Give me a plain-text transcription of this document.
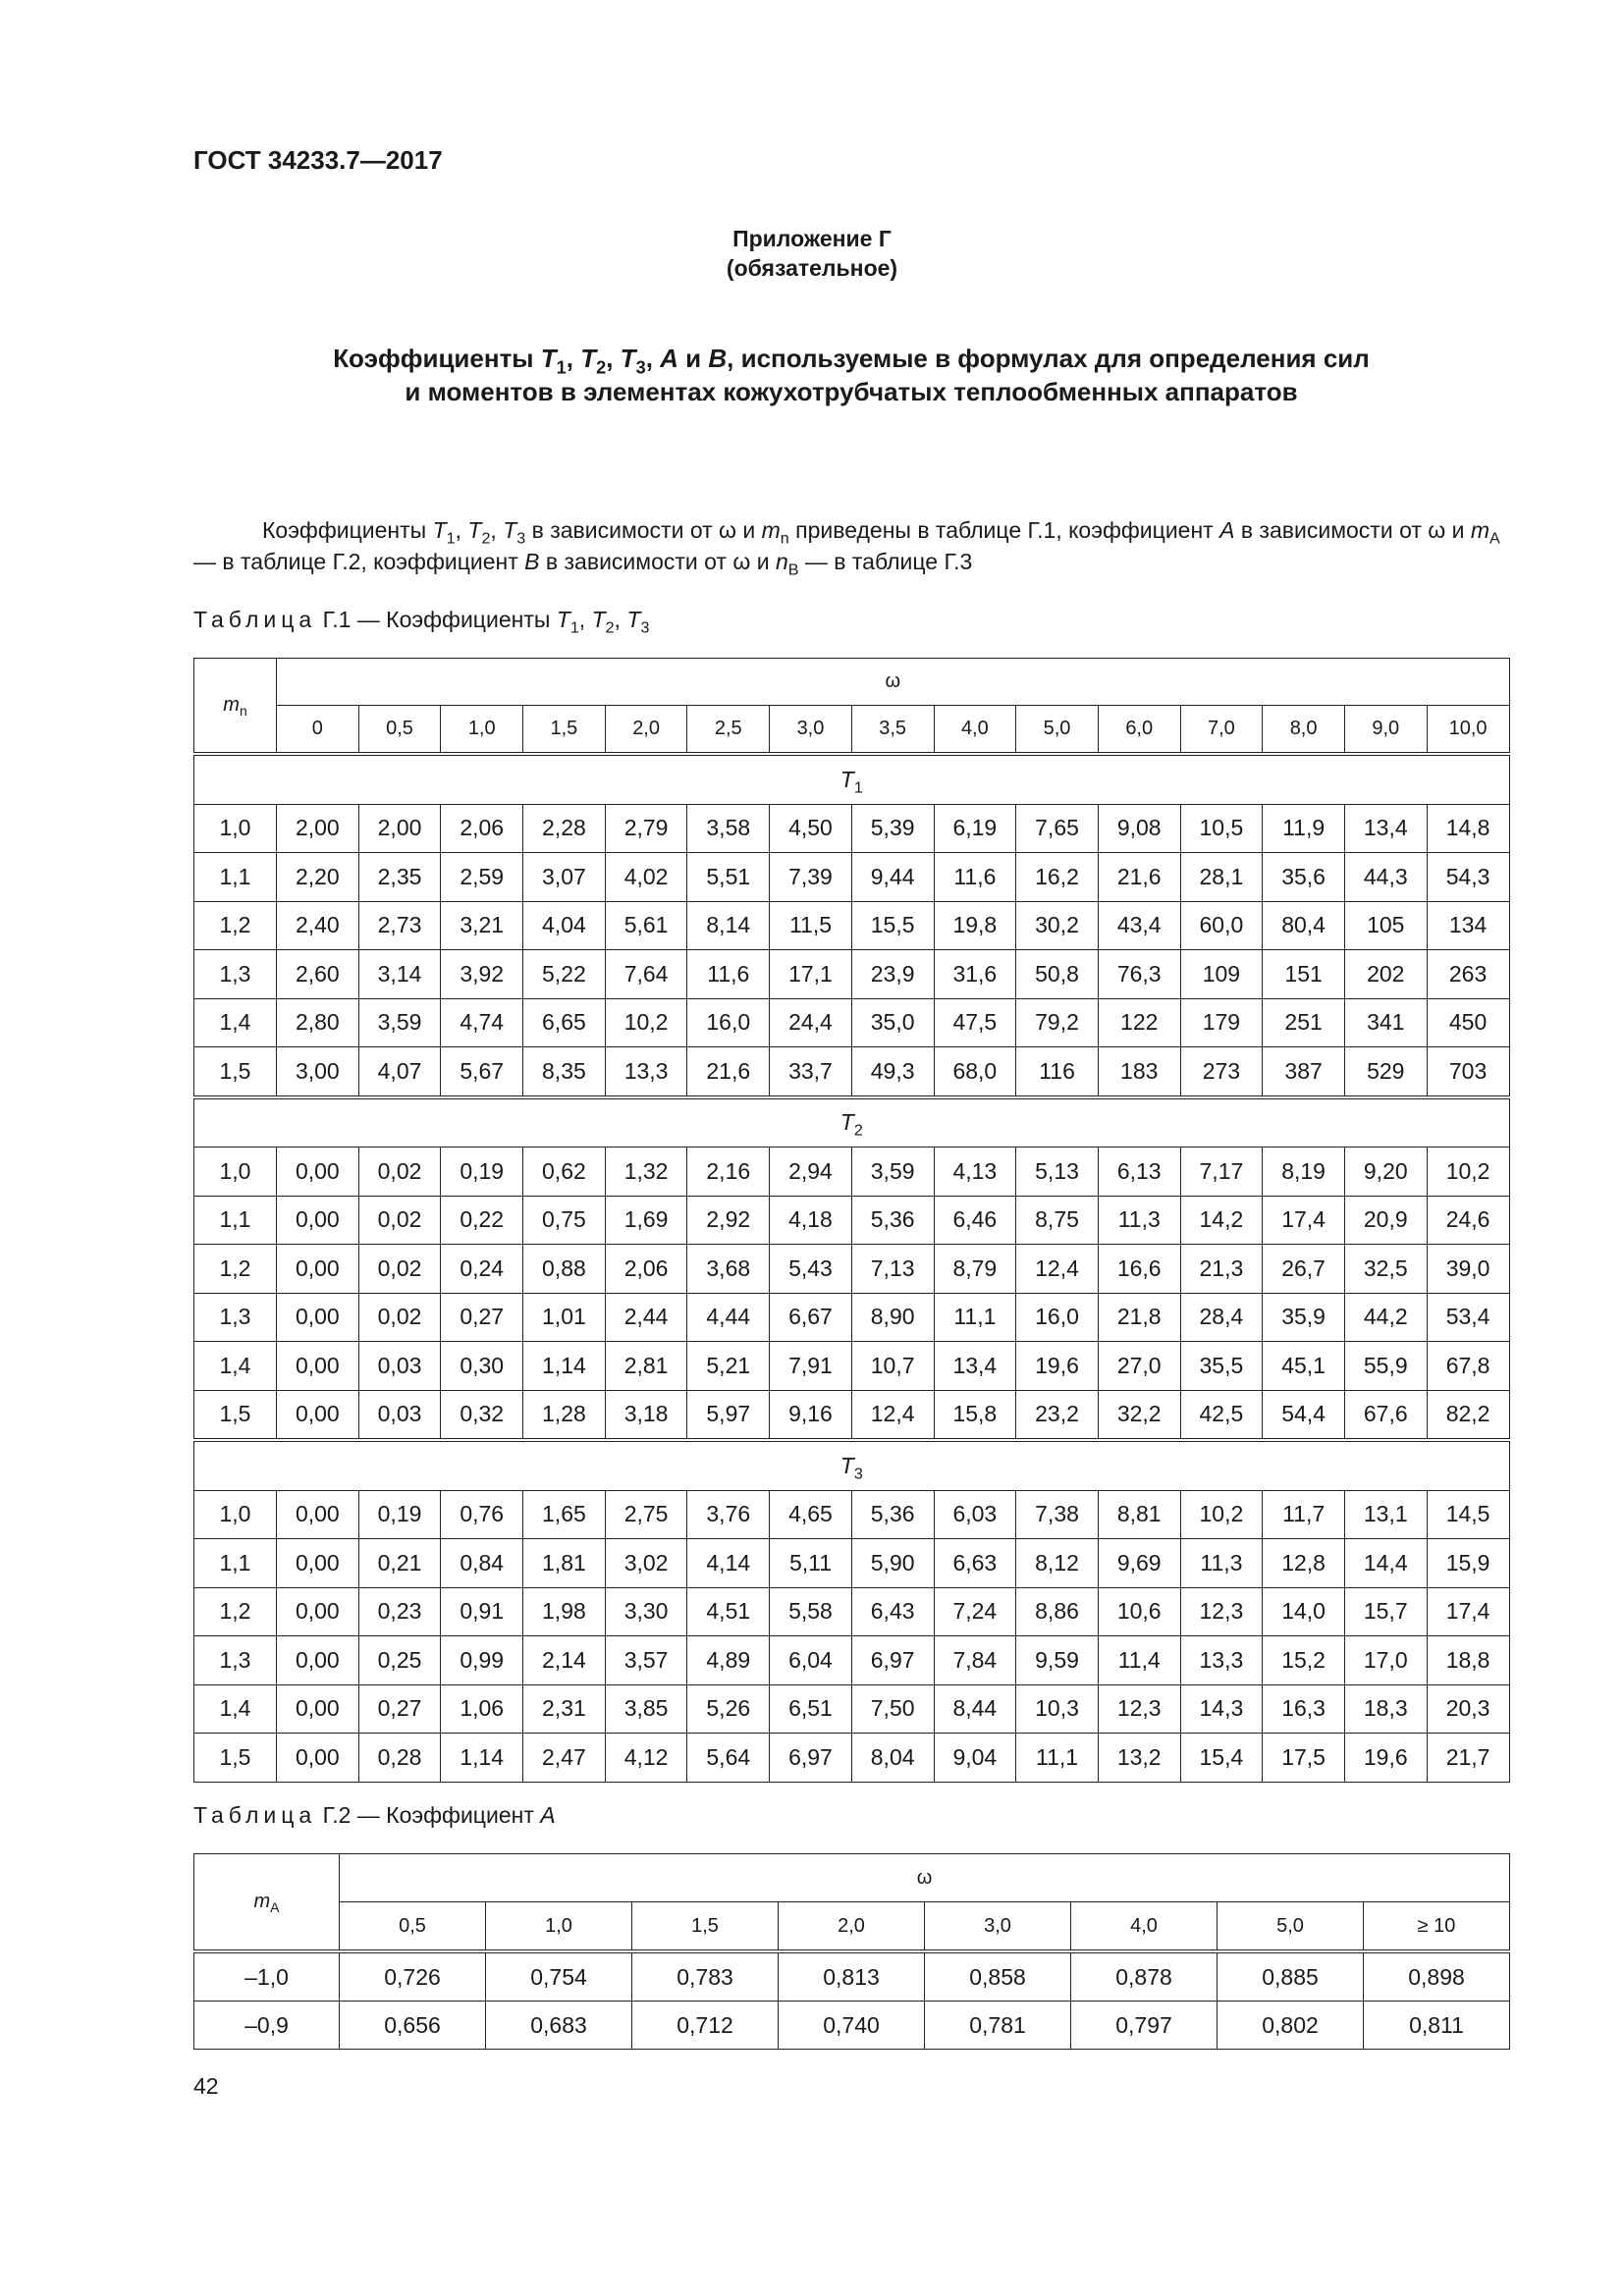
ГОСТ 34233.7—2017
Приложение Г
(обязательное)
Коэффициенты $T_1$, $T_2$, $T_3$, A и B, используемые в формулах для определения сил
и моментов в элементах кожухотрубчатых теплообменных аппаратов
Коэффициенты $T_1$, $T_2$, $T_3$ в зависимости от ω и $m_n$ приведены в таблице Г.1, коэффициент A в зависимости от ω и $m_A$ — в таблице Г.2, коэффициент B в зависимости от ω и $n_B$ — в таблице Г.3
Таблица Г.1 — Коэффициенты $T_1$, $T_2$, $T_3$
$m_n$	ω														
	0	0,5	1,0	1,5	2,0	2,5	3,0	3,5	4,0	5,0	6,0	7,0	8,0	9,0	10,0
$T_1$
1,0	2,00	2,00	2,06	2,28	2,79	3,58	4,50	5,39	6,19	7,65	9,08	10,5	11,9	13,4	14,8
1,1	2,20	2,35	2,59	3,07	4,02	5,51	7,39	9,44	11,6	16,2	21,6	28,1	35,6	44,3	54,3
1,2	2,40	2,73	3,21	4,04	5,61	8,14	11,5	15,5	19,8	30,2	43,4	60,0	80,4	105	134
1,3	2,60	3,14	3,92	5,22	7,64	11,6	17,1	23,9	31,6	50,8	76,3	109	151	202	263
1,4	2,80	3,59	4,74	6,65	10,2	16,0	24,4	35,0	47,5	79,2	122	179	251	341	450
1,5	3,00	4,07	5,67	8,35	13,3	21,6	33,7	49,3	68,0	116	183	273	387	529	703
$T_2$
1,0	0,00	0,02	0,19	0,62	1,32	2,16	2,94	3,59	4,13	5,13	6,13	7,17	8,19	9,20	10,2
1,1	0,00	0,02	0,22	0,75	1,69	2,92	4,18	5,36	6,46	8,75	11,3	14,2	17,4	20,9	24,6
1,2	0,00	0,02	0,24	0,88	2,06	3,68	5,43	7,13	8,79	12,4	16,6	21,3	26,7	32,5	39,0
1,3	0,00	0,02	0,27	1,01	2,44	4,44	6,67	8,90	11,1	16,0	21,8	28,4	35,9	44,2	53,4
1,4	0,00	0,03	0,30	1,14	2,81	5,21	7,91	10,7	13,4	19,6	27,0	35,5	45,1	55,9	67,8
1,5	0,00	0,03	0,32	1,28	3,18	5,97	9,16	12,4	15,8	23,2	32,2	42,5	54,4	67,6	82,2
$T_3$
1,0	0,00	0,19	0,76	1,65	2,75	3,76	4,65	5,36	6,03	7,38	8,81	10,2	11,7	13,1	14,5
1,1	0,00	0,21	0,84	1,81	3,02	4,14	5,11	5,90	6,63	8,12	9,69	11,3	12,8	14,4	15,9
1,2	0,00	0,23	0,91	1,98	3,30	4,51	5,58	6,43	7,24	8,86	10,6	12,3	14,0	15,7	17,4
1,3	0,00	0,25	0,99	2,14	3,57	4,89	6,04	6,97	7,84	9,59	11,4	13,3	15,2	17,0	18,8
1,4	0,00	0,27	1,06	2,31	3,85	5,26	6,51	7,50	8,44	10,3	12,3	14,3	16,3	18,3	20,3
1,5	0,00	0,28	1,14	2,47	4,12	5,64	6,97	8,04	9,04	11,1	13,2	15,4	17,5	19,6	21,7
Таблица Г.2 — Коэффициент A
$m_A$	ω							
	0,5	1,0	1,5	2,0	3,0	4,0	5,0	≥ 10
–1,0	0,726	0,754	0,783	0,813	0,858	0,878	0,885	0,898
–0,9	0,656	0,683	0,712	0,740	0,781	0,797	0,802	0,811
42
